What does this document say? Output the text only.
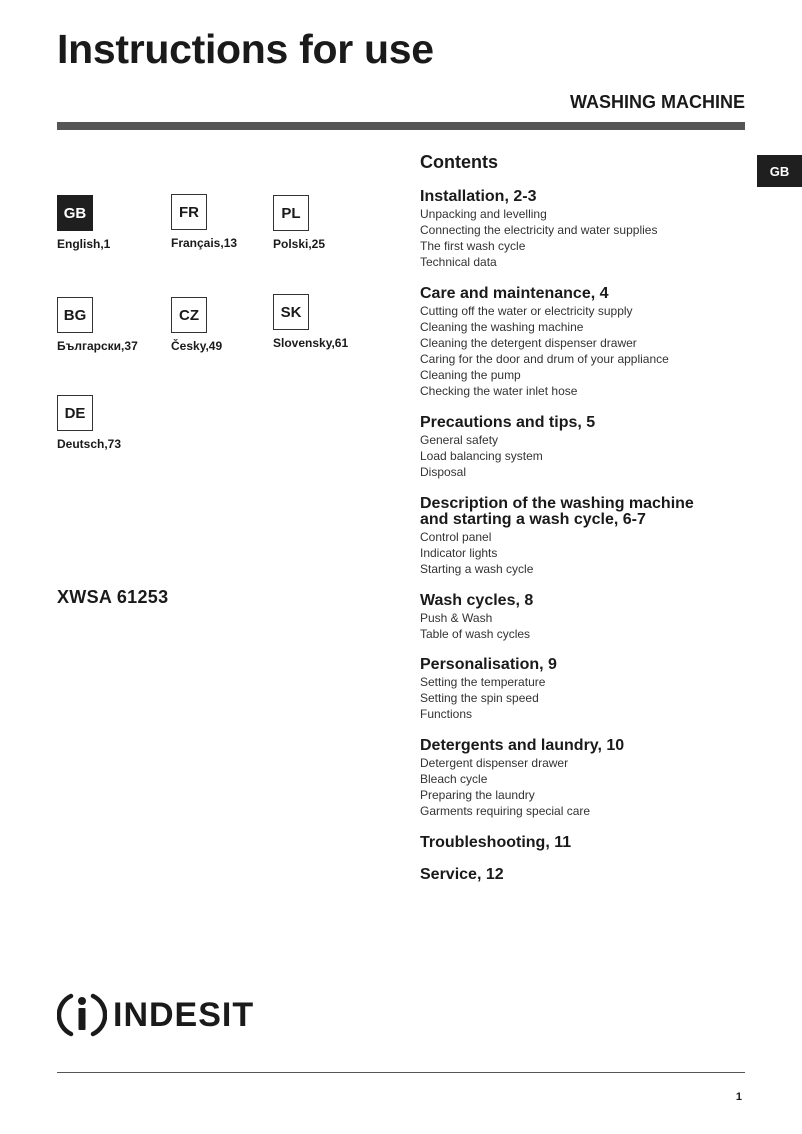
Instructions for use
WASHING MACHINE
GB
GB
English,1
FR
Français,13
PL
Polski,25
BG
Български,37
CZ
Česky,49
SK
Slovensky,61
DE
Deutsch,73
XWSA 61253
Contents
Installation, 2-3
Unpacking and levelling
Connecting the electricity and water supplies
The first wash cycle
Technical data
Care and maintenance, 4
Cutting off the water or electricity supply
Cleaning the washing machine
Cleaning the detergent dispenser drawer
Caring for the door and drum of your appliance
Cleaning the pump
Checking the water inlet hose
Precautions and tips, 5
General safety
Load balancing system
Disposal
Description of the washing machine
and starting a wash cycle, 6-7
Control panel
Indicator lights
Starting a wash cycle
Wash cycles, 8
Push & Wash
Table of wash cycles
Personalisation, 9
Setting the temperature
Setting the spin speed
Functions
Detergents and laundry, 10
Detergent dispenser drawer
Bleach cycle
Preparing the laundry
Garments requiring special care
Troubleshooting, 11
Service, 12
INDESIT
1
